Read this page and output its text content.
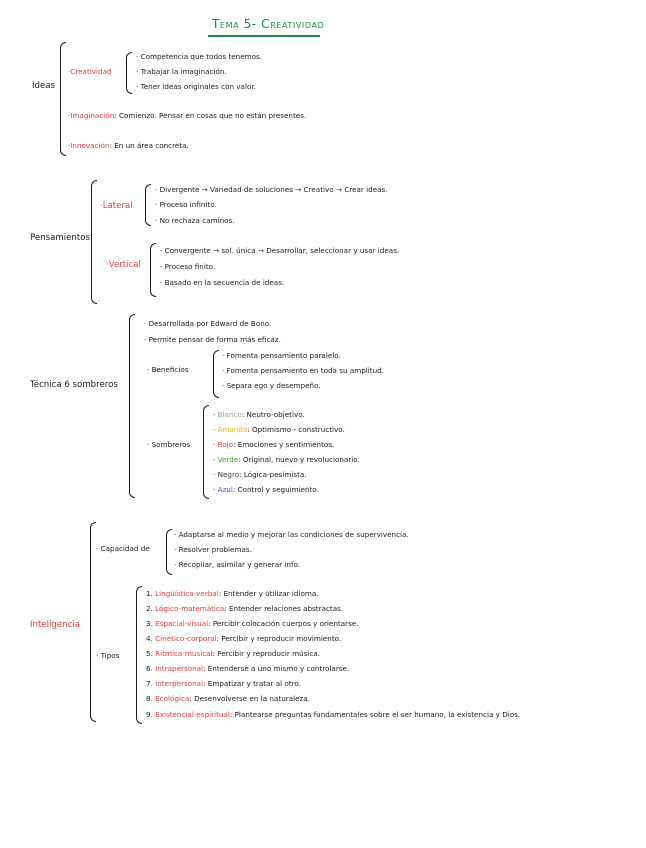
Tema 5- Creatividad
Ideas
·Creatividad
· Competencia que todos tenemos.
· Trabajar la imaginación.
· Tener ideas originales con valor.
·Imaginación: Comienzo. Pensar en cosas que no están presentes.
·Innovación: En un área concreta.
Pensamientos
·Lateral
· Divergente → Variedad de soluciones → Creativo → Crear ideas.
· Proceso infinito.
· No rechaza caminos.
·Vertical
· Convergente → sol. única → Desarrollar, seleccionar y usar ideas.
· Proceso finito.
· Basado en la secuencia de ideas.
Técnica 6 sombreros
· Desarrollada por Edward de Bono.
· Permite pensar de forma más eficaz.
· Beneficios
· Fomenta pensamiento paralelo.
· Fomenta pensamiento en toda su amplitud.
· Separa ego y desempeño.
· Sombreros
· Blanco: Neutro-objetivo.
· Amarillo: Optimismo - constructivo.
· Rojo: Emociones y sentimientos.
· Verde: Original, nuevo y revolucionario.
· Negro: Lógica-pesimista.
· Azul: Control y seguimiento.
Inteligencia
· Capacidad de
· Adaptarse al medio y mejorar las condiciones de supervivencia.
· Resolver problemas.
· Recopilar, asimilar y generar info.
· Tipos
1. Lingüística-verbal: Entender y utilizar idioma.
2. Lógico-matemática: Entender relaciones abstractas.
3. Espacial-visual: Percibir colocación cuerpos y orientarse.
4. Cinético-corporal: Percibir y reproducir movimiento.
5. Rítmica-musical: Percibir y reproducir música.
6. Intrapersonal: Entenderse a uno mismo y controlarse.
7. Interpersonal: Empatizar y tratar al otro.
8. Ecológica: Desenvolverse en la naturaleza.
9. Existencial-espiritual: Plantearse preguntas fundamentales sobre el ser humano, la existencia y Dios.
